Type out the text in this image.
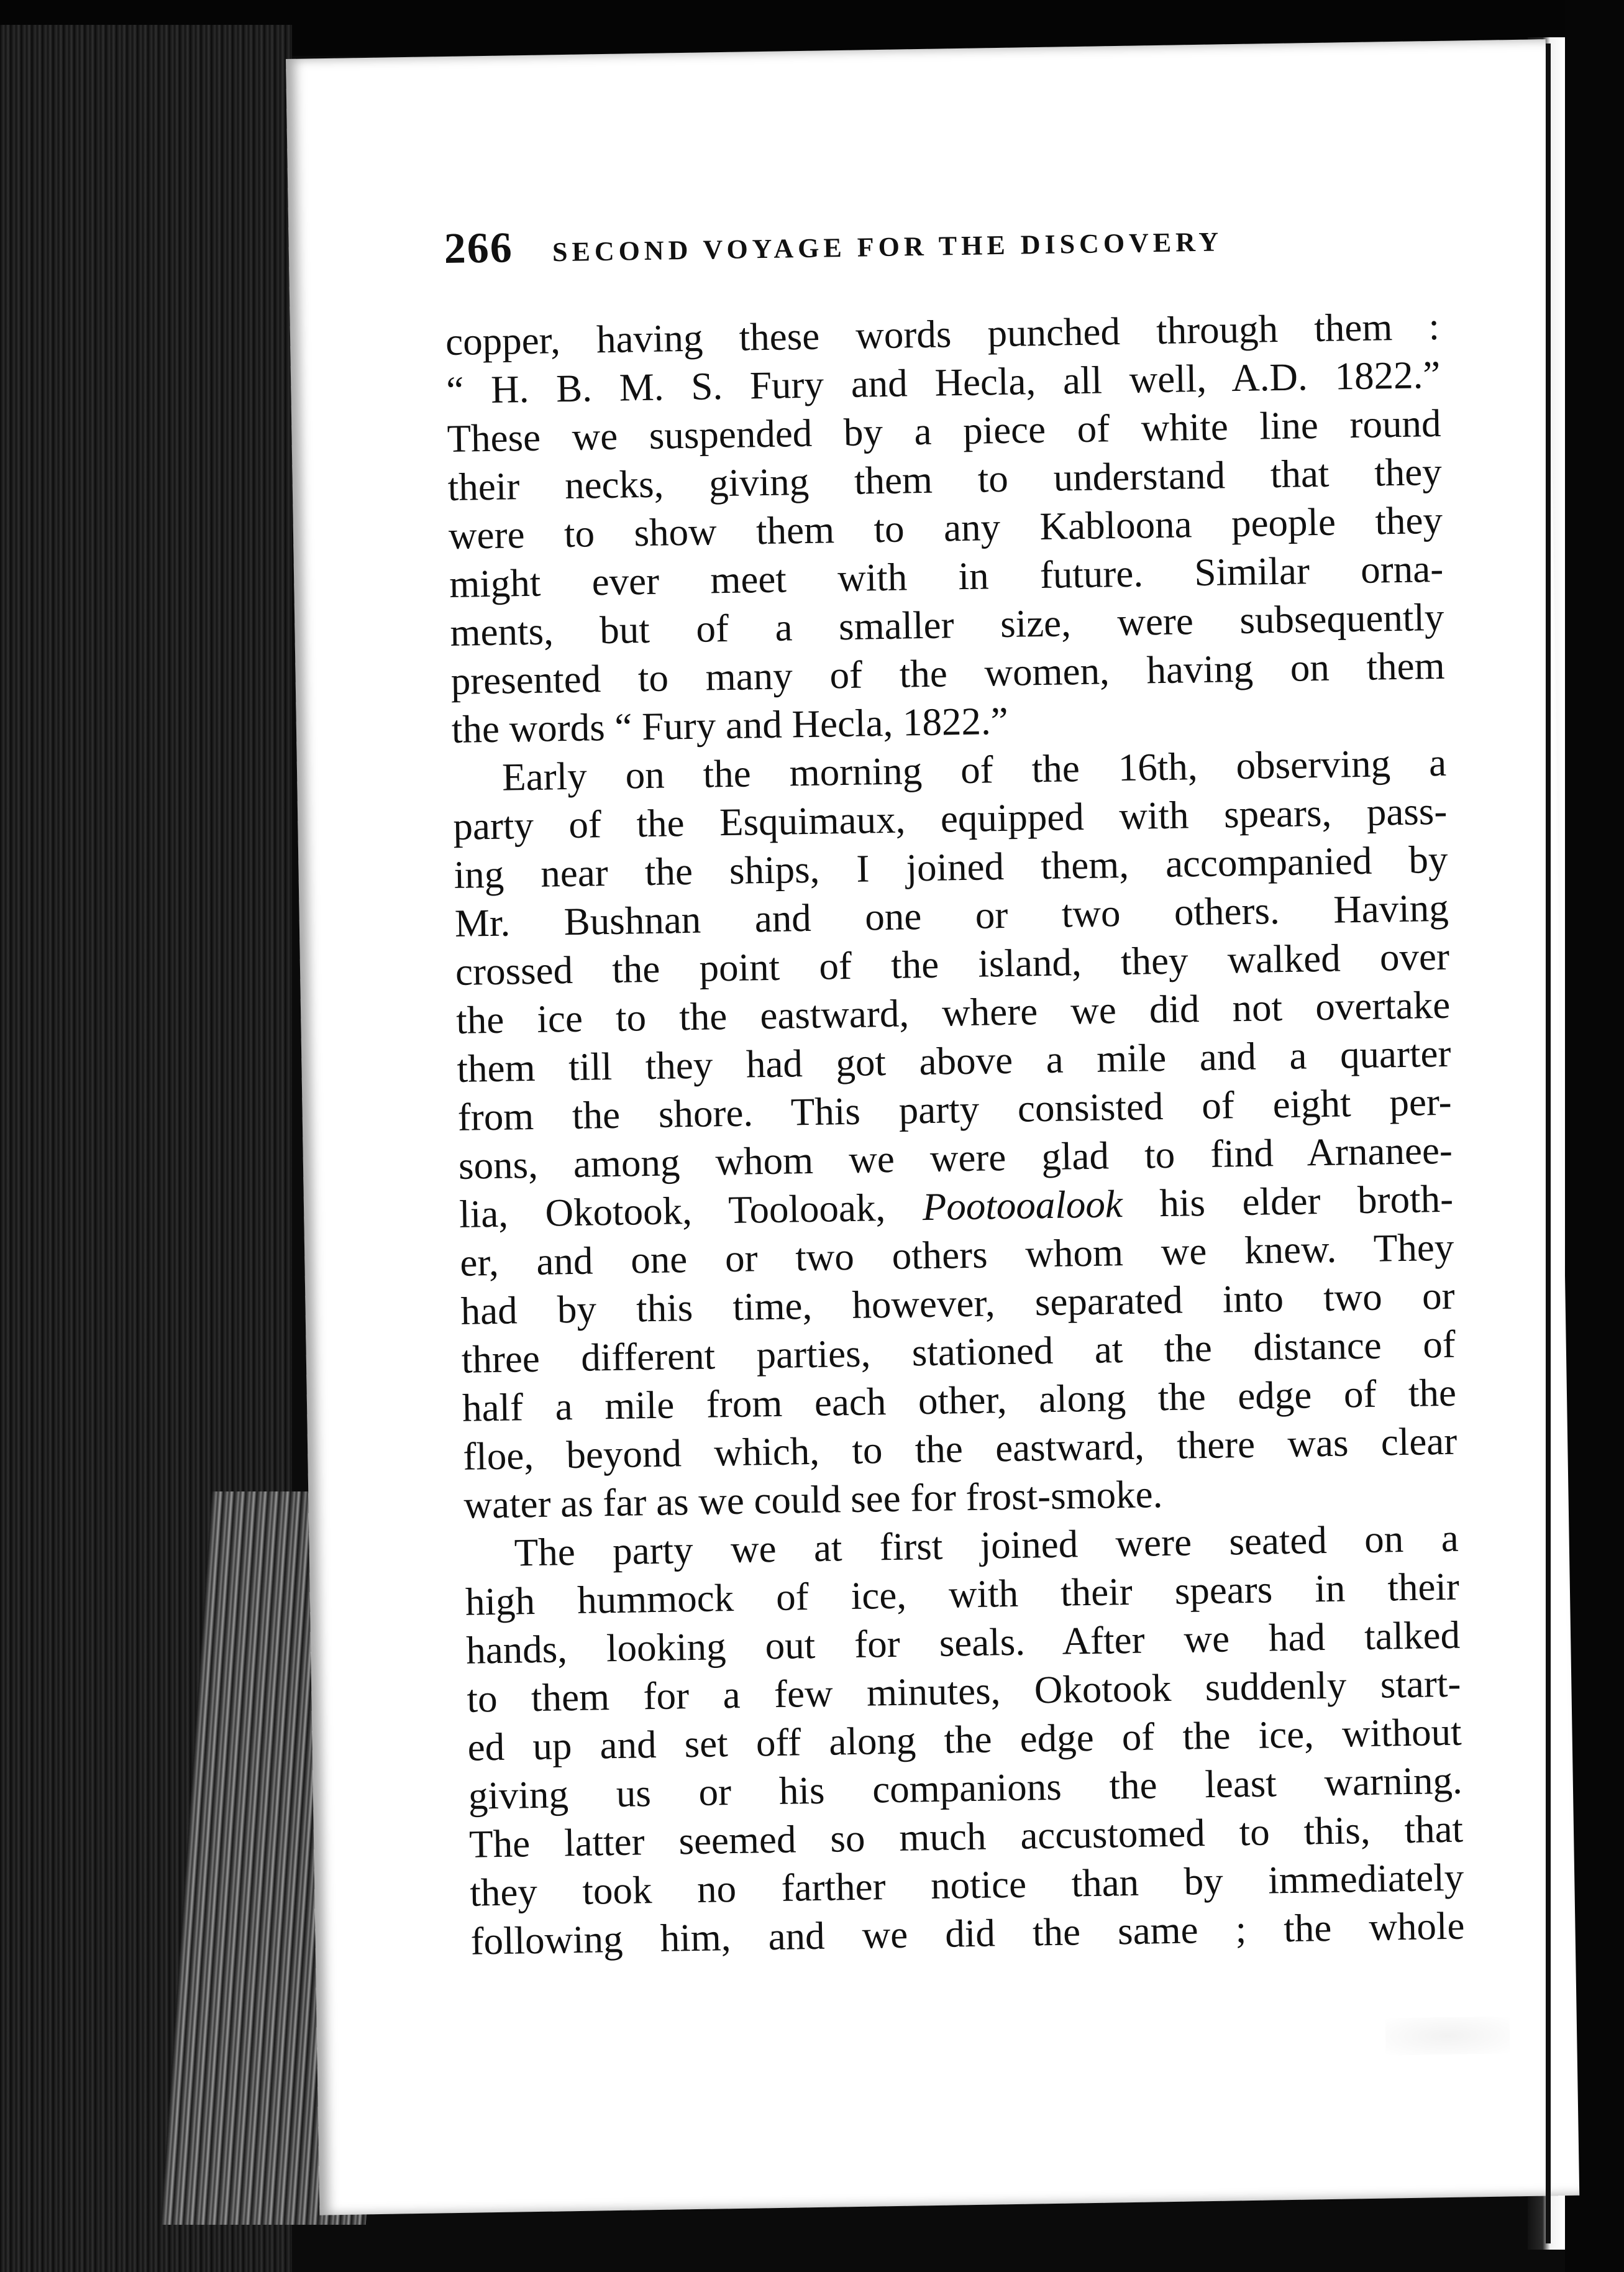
266 SECOND VOYAGE FOR THE DISCOVERY
copper, having these words punched through them :
“ H. B. M. S. Fury and Hecla, all well, A.D. 1822.”
These we suspended by a piece of white line round
their necks, giving them to understand that they
were to show them to any Kabloona people they
might ever meet with in future. Similar orna-
ments, but of a smaller size, were subsequently
presented to many of the women, having on them
the words “ Fury and Hecla, 1822.”
Early on the morning of the 16th, observing a
party of the Esquimaux, equipped with spears, pass-
ing near the ships, I joined them, accompanied by
Mr. Bushnan and one or two others. Having
crossed the point of the island, they walked over
the ice to the eastward, where we did not overtake
them till they had got above a mile and a quarter
from the shore. This party consisted of eight per-
sons, among whom we were glad to find Arnanee-
lia, Okotook, Toolooak, Pootooalook his elder broth-
er, and one or two others whom we knew. They
had by this time, however, separated into two or
three different parties, stationed at the distance of
half a mile from each other, along the edge of the
floe, beyond which, to the eastward, there was clear
water as far as we could see for frost-smoke.
The party we at first joined were seated on a
high hummock of ice, with their spears in their
hands, looking out for seals. After we had talked
to them for a few minutes, Okotook suddenly start-
ed up and set off along the edge of the ice, without
giving us or his companions the least warning.
The latter seemed so much accustomed to this, that
they took no farther notice than by immediately
following him, and we did the same ; the whole
